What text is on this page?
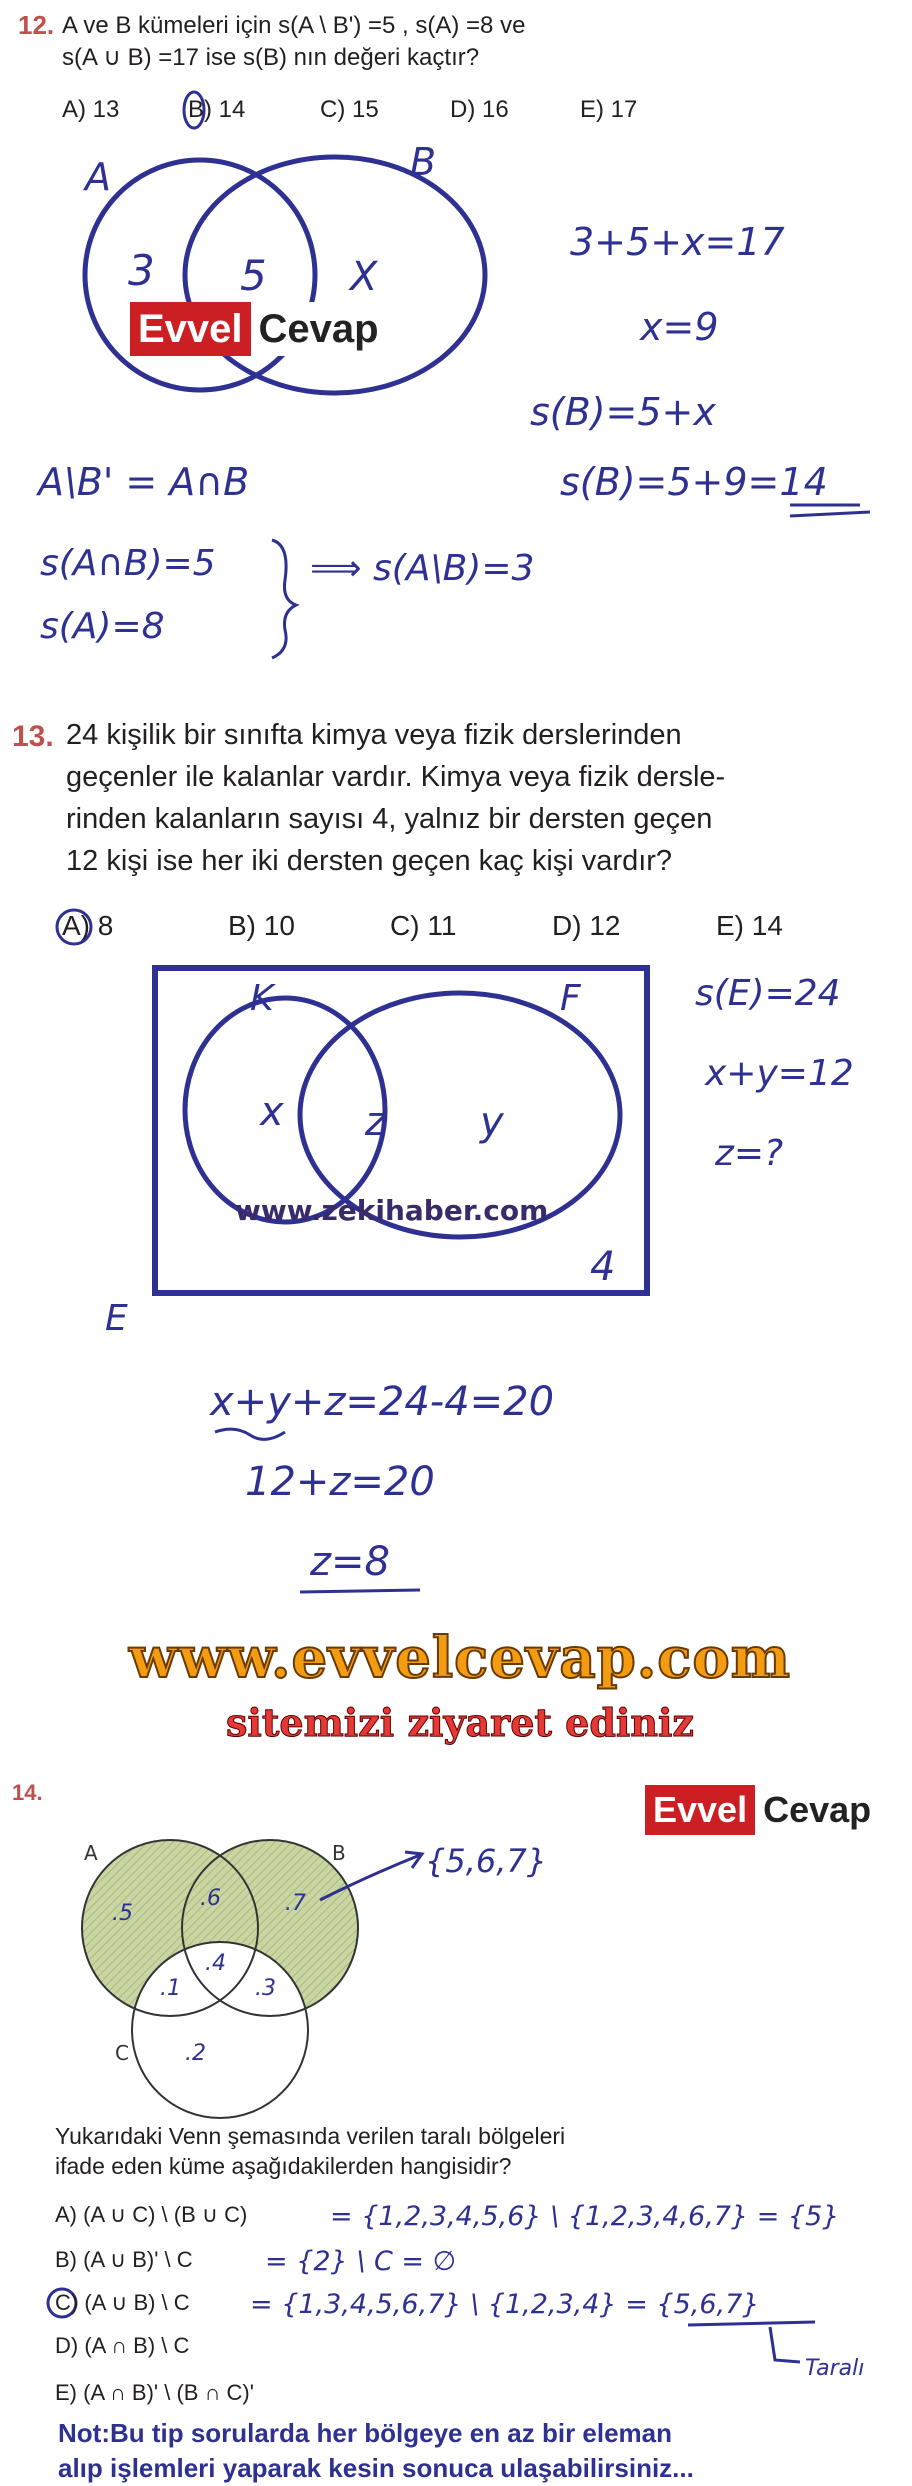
12. A ve B kümeleri için s(A \ B') =5 , s(A) =8 ve
s(A ∪ B) =17 ise s(B) nın değeri kaçtır?
A) 13	B) 14	C) 15	D) 16	E) 17
A	B
3 5 X
3+5+x=17
x=9
s(B)=5+x
s(B)=5+9=14
A\B' = A∩B
s(A∩B)=5
s(A)=8
⟹ s(A\B)=3
Evvel Cevap
13. 24 kişilik bir sınıfta kimya veya fizik derslerinden
geçenler ile kalanlar vardır. Kimya veya fizik dersle-
rinden kalanların sayısı 4, yalnız bir dersten geçen
12 kişi ise her iki dersten geçen kaç kişi vardır?
A) 8	B) 10	C) 11	D) 12	E) 14
K	F
x z y
4
E
www.zekihaber.com
s(E)=24
x+y=12
z=?
x+y+z=24-4=20
12+z=20
z=8
www.evvelcevap.com
sitemizi ziyaret ediniz
14.	Evvel Cevap
A	B
C
.5
.6	.7
.4
.1	.3
.2
{5,6,7}
= {1,2,3,4,5,6} \ {1,2,3,4,6,7} = {5}
= {2} \ C = ∅
= {1,3,4,5,6,7} \ {1,2,3,4} = {5,6,7}
Taralı
Yukarıdaki Venn şemasında verilen taralı bölgeleri
ifade eden küme aşağıdakilerden hangisidir?
A) (A ∪ C) \ (B ∪ C)
B) (A ∪ B)' \ C
C) (A ∪ B) \ C
D) (A ∩ B) \ C
E) (A ∩ B)' \ (B ∩ C)'
Not:Bu tip sorularda her bölgeye en az bir eleman
alıp işlemleri yaparak kesin sonuca ulaşabilirsiniz...
